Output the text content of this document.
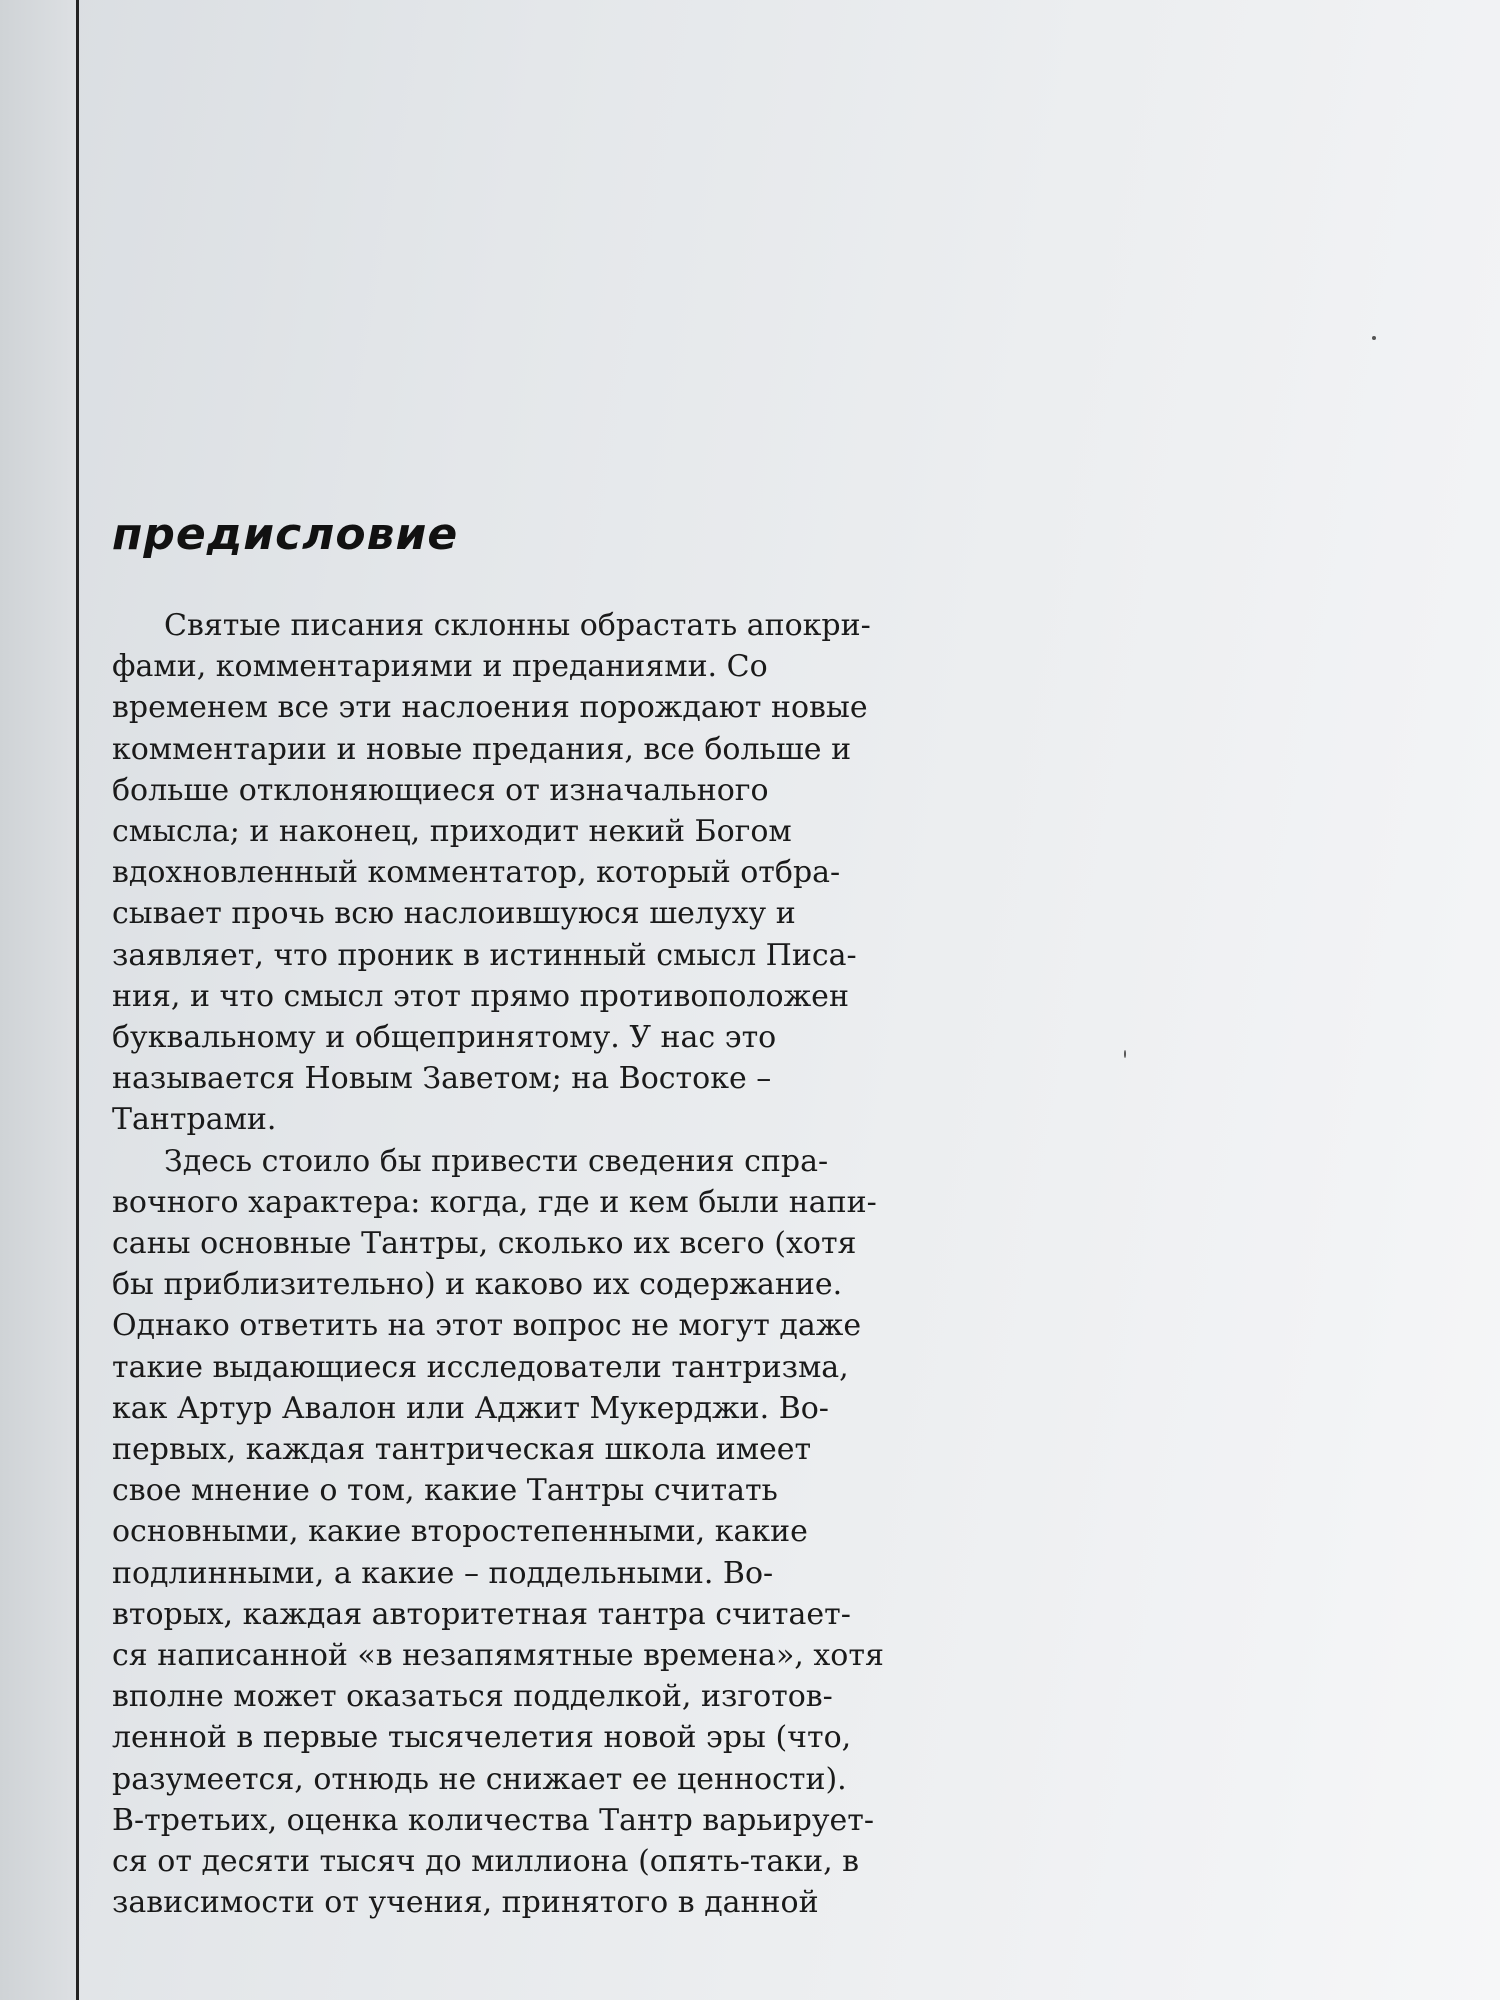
предисловие

Святые писания склонны обрастать апокри-
фами, комментариями и преданиями. Со
временем все эти наслоения порождают новые
комментарии и новые предания, все больше и
больше отклоняющиеся от изначального
смысла; и наконец, приходит некий Богом
вдохновленный комментатор, который отбра-
сывает прочь всю наслоившуюся шелуху и
заявляет, что проник в истинный смысл Писа-
ния, и что смысл этот прямо противоположен
буквальному и общепринятому. У нас это
называется Новым Заветом; на Востоке –
Тантрами.

Здесь стоило бы привести сведения спра-
вочного характера: когда, где и кем были напи-
саны основные Тантры, сколько их всего (хотя
бы приблизительно) и каково их содержание.
Однако ответить на этот вопрос не могут даже
такие выдающиеся исследователи тантризма,
как Артур Авалон или Аджит Мукерджи. Во-
первых, каждая тантрическая школа имеет
свое мнение о том, какие Тантры считать
основными, какие второстепенными, какие
подлинными, а какие – поддельными. Во-
вторых, каждая авторитетная тантра считает-
ся написанной «в незапямятные времена», хотя
вполне может оказаться подделкой, изготов-
ленной в первые тысячелетия новой эры (что,
разумеется, отнюдь не снижает ее ценности).
В-третьих, оценка количества Тантр варьирует-
ся от десяти тысяч до миллиона (опять-таки, в
зависимости от учения, принятого в данной
